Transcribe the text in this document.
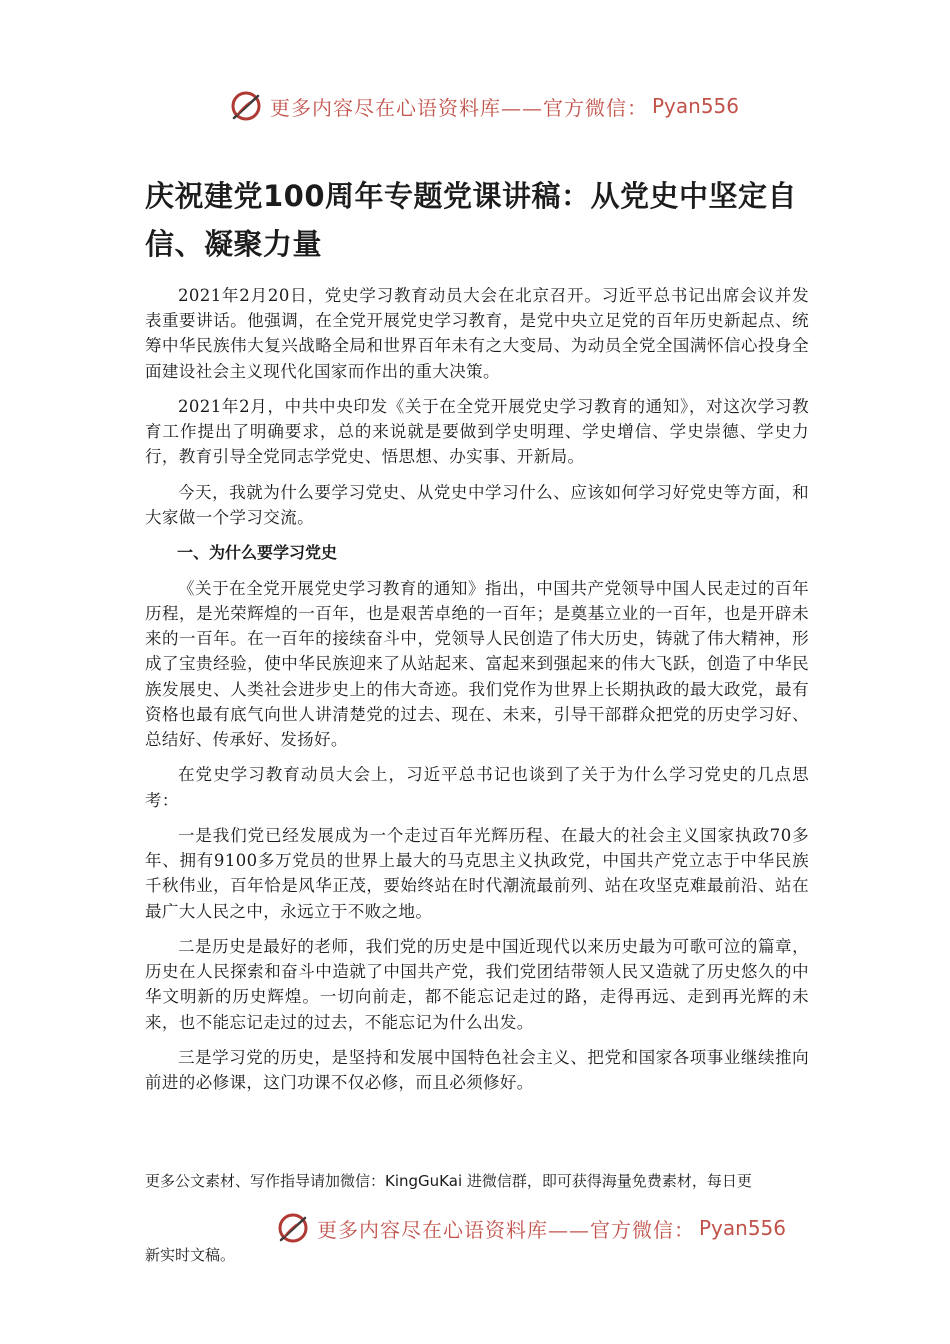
更多内容尽在心语资料库——官方微信： Pyan556
庆祝建党100周年专题党课讲稿：从党史中坚定自信、凝聚力量

2021年2月20日，党史学习教育动员大会在北京召开。习近平总书记出席会议并发表重要讲话。他强调，在全党开展党史学习教育，是党中央立足党的百年历史新起点、统筹中华民族伟大复兴战略全局和世界百年未有之大变局、为动员全党全国满怀信心投身全面建设社会主义现代化国家而作出的重大决策。

2021年2月，中共中央印发《关于在全党开展党史学习教育的通知》，对这次学习教育工作提出了明确要求，总的来说就是要做到学史明理、学史增信、学史崇德、学史力行，教育引导全党同志学党史、悟思想、办实事、开新局。

今天，我就为什么要学习党史、从党史中学习什么、应该如何学习好党史等方面，和大家做一个学习交流。

一、为什么要学习党史

《关于在全党开展党史学习教育的通知》指出，中国共产党领导中国人民走过的百年历程，是光荣辉煌的一百年，也是艰苦卓绝的一百年；是奠基立业的一百年，也是开辟未来的一百年。在一百年的接续奋斗中，党领导人民创造了伟大历史，铸就了伟大精神，形成了宝贵经验，使中华民族迎来了从站起来、富起来到强起来的伟大飞跃，创造了中华民族发展史、人类社会进步史上的伟大奇迹。我们党作为世界上长期执政的最大政党，最有资格也最有底气向世人讲清楚党的过去、现在、未来，引导干部群众把党的历史学习好、总结好、传承好、发扬好。

在党史学习教育动员大会上，习近平总书记也谈到了关于为什么学习党史的几点思考：

一是我们党已经发展成为一个走过百年光辉历程、在最大的社会主义国家执政70多年、拥有9100多万党员的世界上最大的马克思主义执政党，中国共产党立志于中华民族千秋伟业，百年恰是风华正茂，要始终站在时代潮流最前列、站在攻坚克难最前沿、站在最广大人民之中，永远立于不败之地。

二是历史是最好的老师，我们党的历史是中国近现代以来历史最为可歌可泣的篇章，历史在人民探索和奋斗中造就了中国共产党，我们党团结带领人民又造就了历史悠久的中华文明新的历史辉煌。一切向前走，都不能忘记走过的路，走得再远、走到再光辉的未来，也不能忘记走过的过去，不能忘记为什么出发。

三是学习党的历史，是坚持和发展中国特色社会主义、把党和国家各项事业继续推向前进的必修课，这门功课不仅必修，而且必须修好。

更多公文素材、写作指导请加微信：KingGuKai 进微信群，即可获得海量免费素材，每日更
更多内容尽在心语资料库——官方微信： Pyan556
新实时文稿。
